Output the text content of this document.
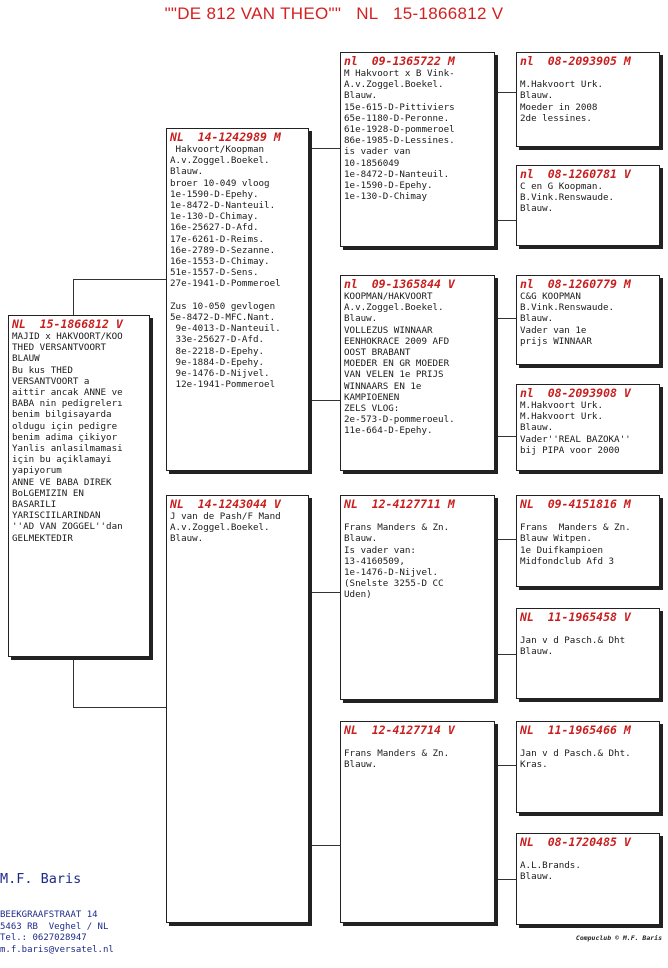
""DE 812 VAN THEO""   NL   15-1866812 V
NL  15-1866812 V
MAJID x HAKVOORT/KOO
THED VERSANTVOORT
BLAUW
Bu kus THED
VERSANTVOORT a
aittir ancak ANNE ve
BABA nin pedigrelerı
benim bilgisayarda
oldugu için pedigre
benim adima çikiyor
Yanlis anlasilmamasi
için bu açiklamayi
yapiyorum
ANNE VE BABA DIREK
BoLGEMIZIN EN
BASARILI
YARISCIILARINDAN
''AD VAN ZOGGEL''dan
GELMEKTEDIR
NL  14-1242989 M
Hakvoort/Koopman
A.v.Zoggel.Boekel.
Blauw.
broer 10-049 vloog
1e-1590-D-Epehy.
1e-8472-D-Nanteuil.
1e-130-D-Chimay.
16e-25627-D-Afd.
17e-6261-D-Reims.
16e-2789-D-Sezanne.
16e-1553-D-Chimay.
51e-1557-D-Sens.
27e-1941-D-Pommeroel

Zus 10-050 gevlogen
5e-8472-D-MFC.Nant.
9e-4013-D-Nanteuil.
33e-25627-D-Afd.
8e-2218-D-Epehy.
9e-1884-D-Epehy.
9e-1476-D-Nijvel.
12e-1941-Pommeroel
NL  14-1243044 V
J van de Pash/F Mand
A.v.Zoggel.Boekel.
Blauw.
nl  09-1365722 M
M Hakvoort x B Vink-
A.v.Zoggel.Boekel.
Blauw.
15e-615-D-Pittiviers
65e-1180-D-Peronne.
61e-1928-D-pommeroel
86e-1985-D-Lessines.
is vader van
10-1856049
1e-8472-D-Nanteuil.
1e-1590-D-Epehy.
1e-130-D-Chimay
nl  09-1365844 V
KOOPMAN/HAKVOORT
A.v.Zoggel.Boekel.
Blauw.
VOLLEZUS WINNAAR
EENHOKRACE 2009 AFD
OOST BRABANT
MOEDER EN GR MOEDER
VAN VELEN 1e PRIJS
WINNAARS EN 1e
KAMPIOENEN
ZELS VLOG:
2e-573-D-pommeroeul.
11e-664-D-Epehy.
NL  12-4127711 M

Frans Manders & Zn.
Blauw.
Is vader van:
13-4160509,
1e-1476-D-Nijvel.
(Snelste 3255-D CC
Uden)
NL  12-4127714 V

Frans Manders & Zn.
Blauw.
nl  08-2093905 M

M.Hakvoort Urk.
Blauw.
Moeder in 2008
2de lessines.
nl  08-1260781 V
C en G Koopman.
B.Vink.Renswaude.
Blauw.
nl  08-1260779 M
C&G KOOPMAN
B.Vink.Renswaude.
Blauw.
Vader van 1e
prijs WINNAAR
nl  08-2093908 V
M.Hakvoort Urk.
M.Hakvoort Urk.
Blauw.
Vader''REAL BAZOKA''
bij PIPA voor 2000
NL  09-4151816 M

Frans  Manders & Zn.
Blauw Witpen.
1e Duifkampioen
Midfondclub Afd 3
NL  11-1965458 V

Jan v d Pasch.& Dht
Blauw.
NL  11-1965466 M

Jan v d Pasch.& Dht.
Kras.
NL  08-1720485 V

A.L.Brands.
Blauw.

M.F. Baris

BEEKGRAAFSTRAAT 14
5463 RB  Veghel / NL
Tel.: 0627028947
m.f.baris@versatel.nl

Compuclub © M.F. Baris
